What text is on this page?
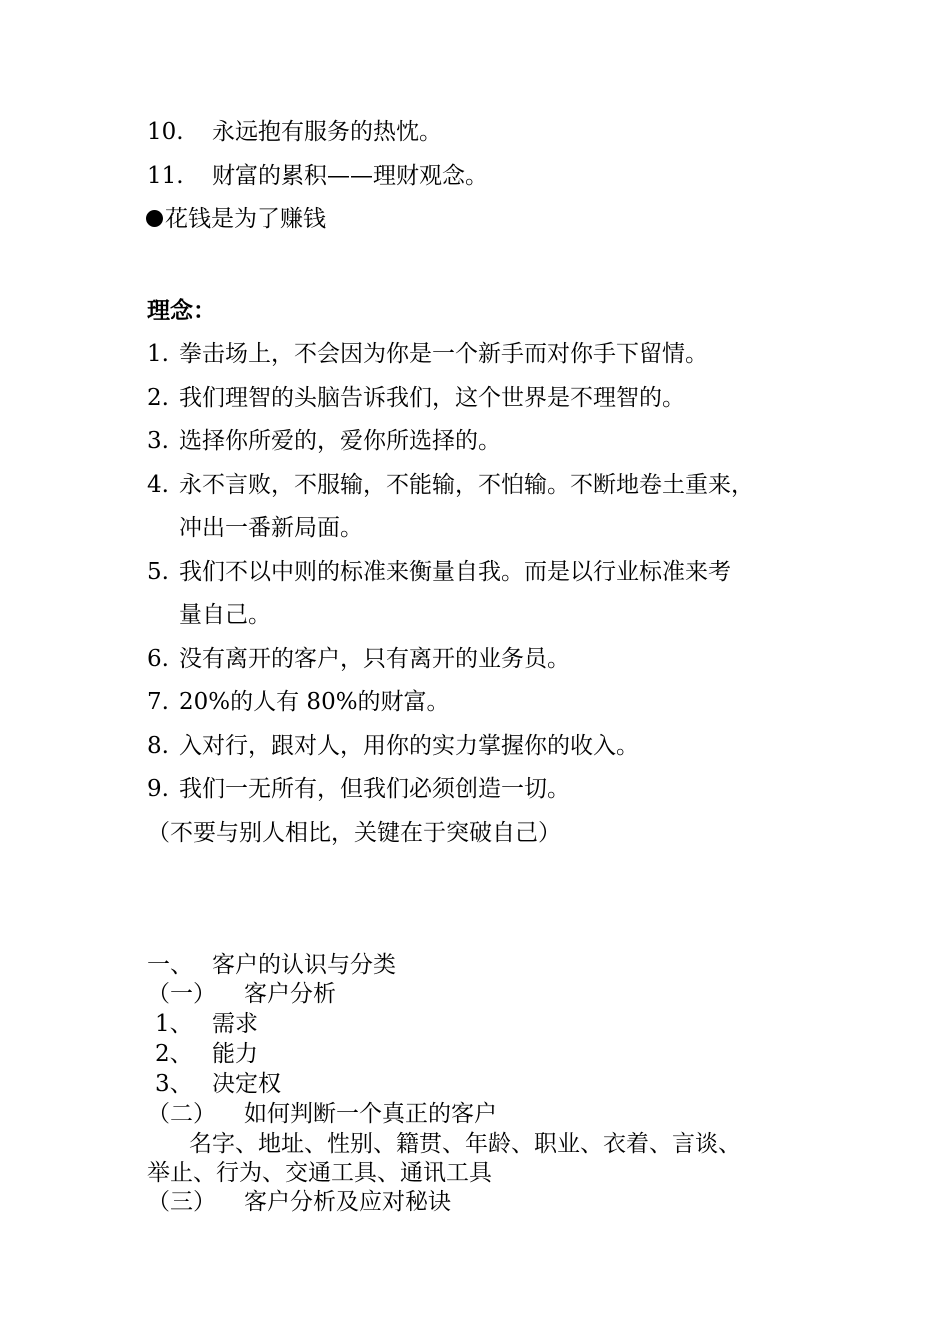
10. 永远抱有服务的热忱。
11. 财富的累积——理财观念。
花钱是为了赚钱
理念：
1. 拳击场上，不会因为你是一个新手而对你手下留情。
2. 我们理智的头脑告诉我们，这个世界是不理智的。
3. 选择你所爱的，爱你所选择的。
4. 永不言败，不服输，不能输，不怕输。不断地卷土重来，
冲出一番新局面。
5. 我们不以中则的标准来衡量自我。而是以行业标准来考
量自己。
6. 没有离开的客户，只有离开的业务员。
7. 20%的人有 80%的财富。
8. 入对行，跟对人，用你的实力掌握你的收入。
9. 我们一无所有，但我们必须创造一切。
（不要与别人相比，关键在于突破自己）
一、 客户的认识与分类
（一） 客户分析
1、 需求
2、 能力
3、 决定权
（二） 如何判断一个真正的客户
名字、地址、性别、籍贯、年龄、职业、衣着、言谈、
举止、行为、交通工具、通讯工具
（三） 客户分析及应对秘诀
